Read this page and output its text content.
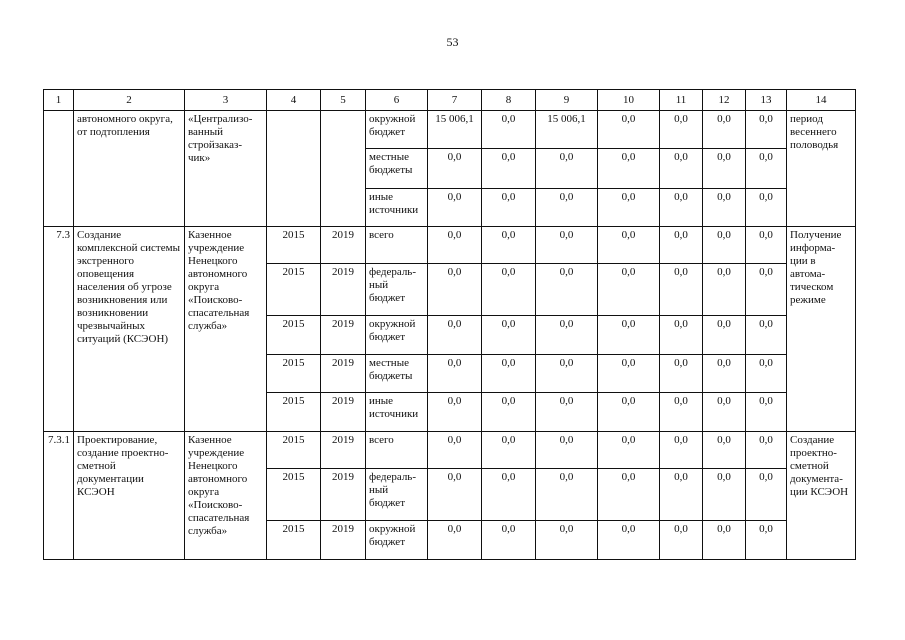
53
1	2	3	4	5	6	7	8	9	10	11	12	13	14
	автономного округа, от подтопления	«Централизо-ванный стройзаказ-чик»			окружной бюджет	15 006,1	0,0	15 006,1	0,0	0,0	0,0	0,0	период весеннего половодья
					местные бюджеты	0,0	0,0	0,0	0,0	0,0	0,0	0,0	
					иные источники	0,0	0,0	0,0	0,0	0,0	0,0	0,0	
7.3	Создание комплексной системы экстренного оповещения населения об угрозе возникновения или возникновении чрезвычайных ситуаций (КСЭОН)	Казенное учреждение Ненецкого автономного округа «Поисково-спасательная служба»	2015	2019	всего	0,0	0,0	0,0	0,0	0,0	0,0	0,0	Получение информа-ции в автома-тическом режиме
			2015	2019	федераль-ный бюджет	0,0	0,0	0,0	0,0	0,0	0,0	0,0	
			2015	2019	окружной бюджет	0,0	0,0	0,0	0,0	0,0	0,0	0,0	
			2015	2019	местные бюджеты	0,0	0,0	0,0	0,0	0,0	0,0	0,0	
			2015	2019	иные источники	0,0	0,0	0,0	0,0	0,0	0,0	0,0	
7.3.1	Проектирование, создание проектно-сметной документации КСЭОН	Казенное учреждение Ненецкого автономного округа «Поисково-спасательная служба»	2015	2019	всего	0,0	0,0	0,0	0,0	0,0	0,0	0,0	Создание проектно-сметной документа-ции КСЭОН
			2015	2019	федераль-ный бюджет	0,0	0,0	0,0	0,0	0,0	0,0	0,0	
			2015	2019	окружной бюджет	0,0	0,0	0,0	0,0	0,0	0,0	0,0	
